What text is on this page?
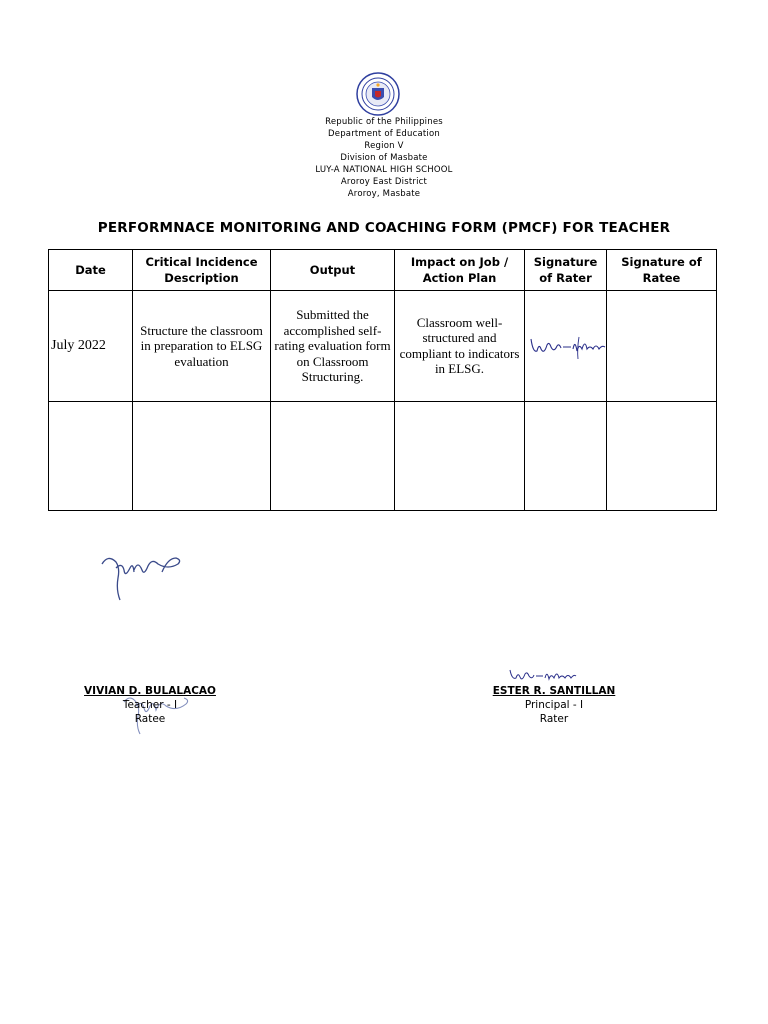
Republic of the Philippines
Department of Education
Region V
Division of Masbate
LUY-A NATIONAL HIGH SCHOOL
Aroroy East District
Aroroy, Masbate
PERFORMNACE MONITORING AND COACHING FORM (PMCF) FOR TEACHER
Date	Critical Incidence Description	Output	Impact on Job / Action Plan	Signature of Rater	Signature of Ratee
July 2022	Structure the classroom in preparation to ELSG evaluation	Submitted the accomplished self-rating evaluation form on Classroom Structuring.	Classroom well-structured and compliant to indicators in ELSG.	

VIVIAN D. BULALACAO
Teacher - I
Ratee
ESTER R. SANTILLAN
Principal - I
Rater
